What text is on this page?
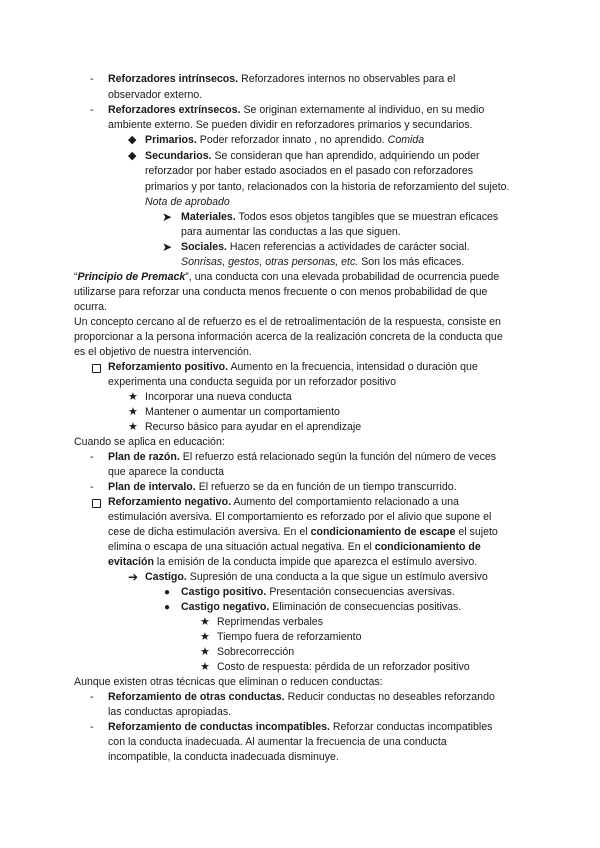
- Reforzadores intrínsecos. Reforzadores internos no observables para el
observador externo.
- Reforzadores extrínsecos. Se originan externamente al individuo, en su medio
ambiente externo. Se pueden dividir en reforzadores primarios y secundarios.
◆ Primarios. Poder reforzador innato , no aprendido. Comida
◆ Secundarios. Se consideran que han aprendido, adquiriendo un poder
reforzador por haber estado asociados en el pasado con reforzadores
primarios y por tanto, relacionados con la historia de reforzamiento del sujeto.
Nota de aprobado
➤ Materiales. Todos esos objetos tangibles que se muestran eficaces
para aumentar las conductas a las que siguen.
➤ Sociales. Hacen referencias a actividades de carácter social.
Sonrisas, gestos, otras personas, etc. Son los más eficaces.
“Principio de Premack”, una conducta con una elevada probabilidad de ocurrencia puede
utilizarse para reforzar una conducta menos frecuente o con menos probabilidad de que
ocurra.
Un concepto cercano al de refuerzo es el de retroalimentación de la respuesta, consiste en
proporcionar a la persona información acerca de la realización concreta de la conducta que
es el objetivo de nuestra intervención.
Reforzamiento positivo. Aumento en la frecuencia, intensidad o duración que
experimenta una conducta seguida por un reforzador positivo
★ Incorporar una nueva conducta
★ Mantener o aumentar un comportamiento
★ Recurso básico para ayudar en el aprendizaje
Cuando se aplica en educación:
- Plan de razón. El refuerzo está relacionado según la función del número de veces
que aparece la conducta
- Plan de intervalo. El refuerzo se da en función de un tiempo transcurrido.
Reforzamiento negativo. Aumento del comportamiento relacionado a una
estimulación aversiva. El comportamiento es reforzado por el alivio que supone el
cese de dicha estimulación aversiva. En el condicionamiento de escape el sujeto
elimina o escapa de una situación actual negativa. En el condicionamiento de
evitación la emisión de la conducta impide que aparezca el estímulo aversivo.
➔ Castigo. Supresión de una conducta a la que sigue un estímulo aversivo
● Castigo positivo. Presentación consecuencias aversivas.
● Castigo negativo. Eliminación de consecuencias positivas.
★ Reprimendas verbales
★ Tiempo fuera de reforzamiento
★ Sobrecorrección
★ Costo de respuesta: pérdida de un reforzador positivo
Aunque existen otras técnicas que eliminan o reducen conductas:
- Reforzamiento de otras conductas. Reducir conductas no deseables reforzando
las conductas apropiadas.
- Reforzamiento de conductas incompatibles. Reforzar conductas incompatibles
con la conducta inadecuada. Al aumentar la frecuencia de una conducta
incompatible, la conducta inadecuada disminuye.
